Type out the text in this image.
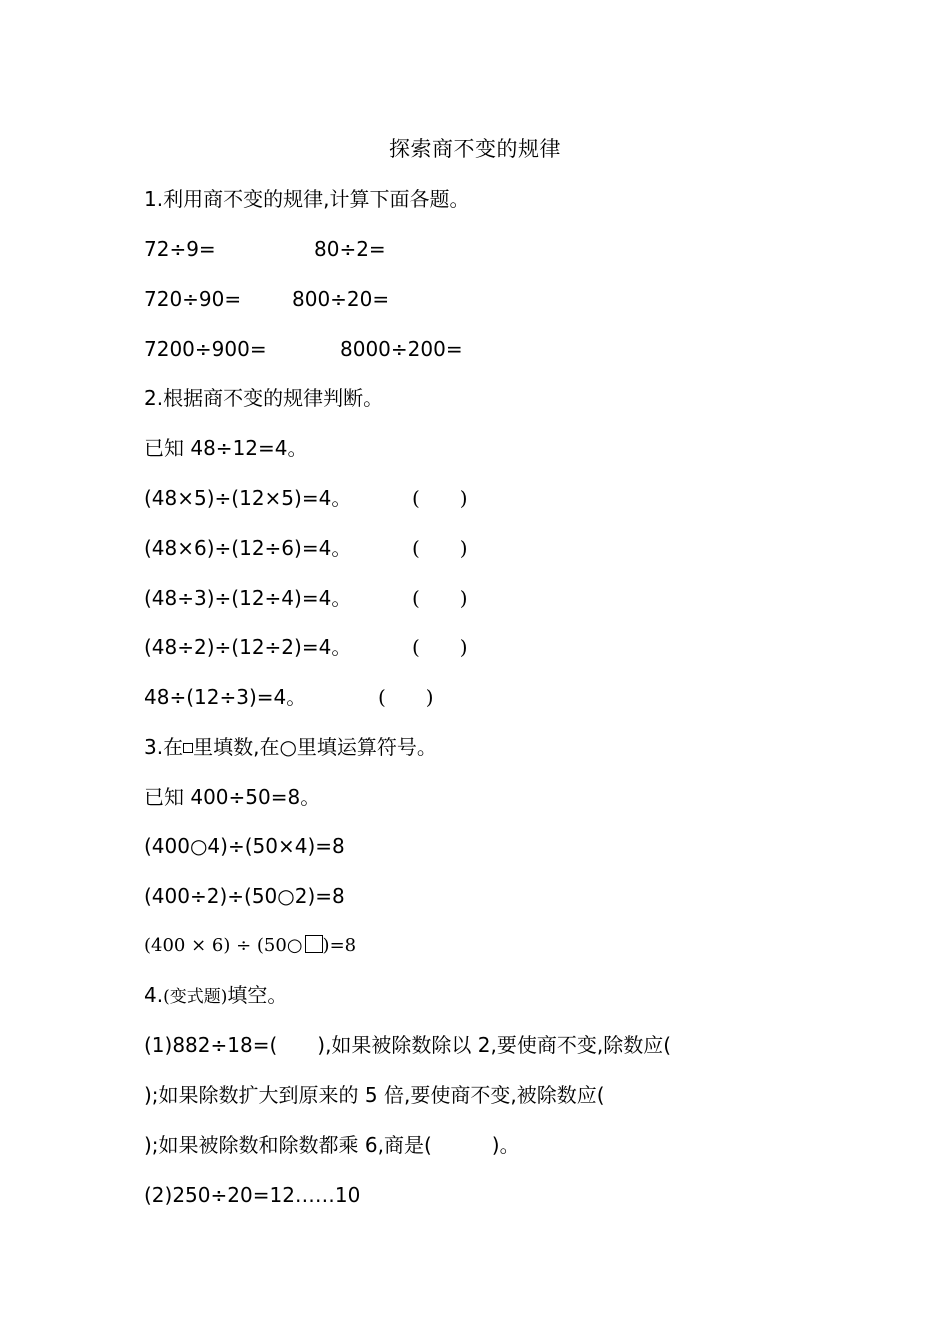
探索商不变的规律
1.利用商不变的规律,计算下面各题。
72÷9=	80÷2=
720÷90=	800÷20=
7200÷900=	8000÷200=
2.根据商不变的规律判断。
已知 48÷12=4。
(48×5)÷(12×5)=4。	(　　)
(48×6)÷(12÷6)=4。	(　　)
(48÷3)÷(12÷4)=4。	(　　)
(48÷2)÷(12÷2)=4。	(　　)
48÷(12÷3)=4。	(　　)
3.在 里填数,在○里填运算符号。
已知 400÷50=8。
(400○4)÷(50×4)=8
(400÷2)÷(50○2)=8
(400 × 6) ÷ (50○ )=8
4.(变式题)填空。
(1)882÷18=(　　),如果被除数除以 2,要使商不变,除数应(
);如果除数扩大到原来的 5 倍,要使商不变,被除数应(
);如果被除数和除数都乘 6,商是(　　　)。
(2)250÷20=12……10
